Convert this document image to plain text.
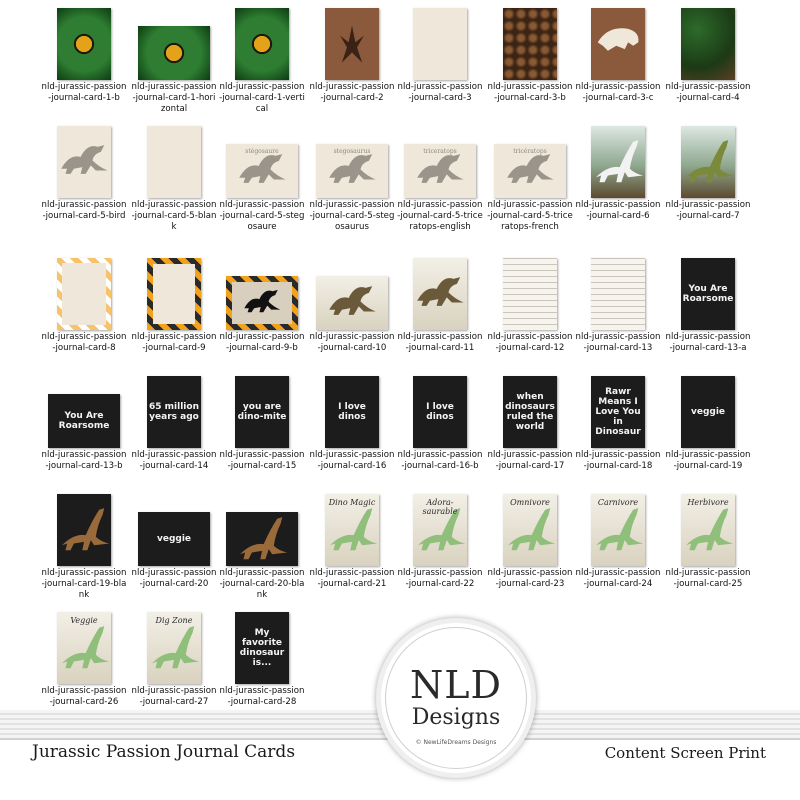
nld-jurassic-passion-journal-card-1-b
nld-jurassic-passion-journal-card-1-horizontal
nld-jurassic-passion-journal-card-1-vertical
nld-jurassic-passion-journal-card-2
nld-jurassic-passion-journal-card-3
nld-jurassic-passion-journal-card-3-b
nld-jurassic-passion-journal-card-3-c
nld-jurassic-passion-journal-card-4
nld-jurassic-passion-journal-card-5-bird
nld-jurassic-passion-journal-card-5-blank
stégosaure
nld-jurassic-passion-journal-card-5-stegosaure
stegosaurus
nld-jurassic-passion-journal-card-5-stegosaurus
triceratops
nld-jurassic-passion-journal-card-5-triceratops-english
tricératops
nld-jurassic-passion-journal-card-5-triceratops-french
nld-jurassic-passion-journal-card-6
nld-jurassic-passion-journal-card-7
nld-jurassic-passion-journal-card-8
nld-jurassic-passion-journal-card-9
nld-jurassic-passion-journal-card-9-b
nld-jurassic-passion-journal-card-10
nld-jurassic-passion-journal-card-11
nld-jurassic-passion-journal-card-12
nld-jurassic-passion-journal-card-13
You Are Roarsome
nld-jurassic-passion-journal-card-13-a
You Are Roarsome
nld-jurassic-passion-journal-card-13-b
65 million years ago
nld-jurassic-passion-journal-card-14
you are dino-mite
nld-jurassic-passion-journal-card-15
I love dinos
nld-jurassic-passion-journal-card-16
I love dinos
nld-jurassic-passion-journal-card-16-b
when dinosaurs ruled the world
nld-jurassic-passion-journal-card-17
Rawr Means I Love You in Dinosaur
nld-jurassic-passion-journal-card-18
veggie
nld-jurassic-passion-journal-card-19
nld-jurassic-passion-journal-card-19-blank
veggie
nld-jurassic-passion-journal-card-20
nld-jurassic-passion-journal-card-20-blank
Dino Magic
nld-jurassic-passion-journal-card-21
Adora-saurable
nld-jurassic-passion-journal-card-22
Omnivore
nld-jurassic-passion-journal-card-23
Carnivore
nld-jurassic-passion-journal-card-24
Herbivore
nld-jurassic-passion-journal-card-25
Veggie
nld-jurassic-passion-journal-card-26
Dig Zone
nld-jurassic-passion-journal-card-27
My favorite dinosaur is...
nld-jurassic-passion-journal-card-28
Jurassic Passion Journal Cards	Content Screen Print
NLD
Designs
© NewLifeDreams Designs
